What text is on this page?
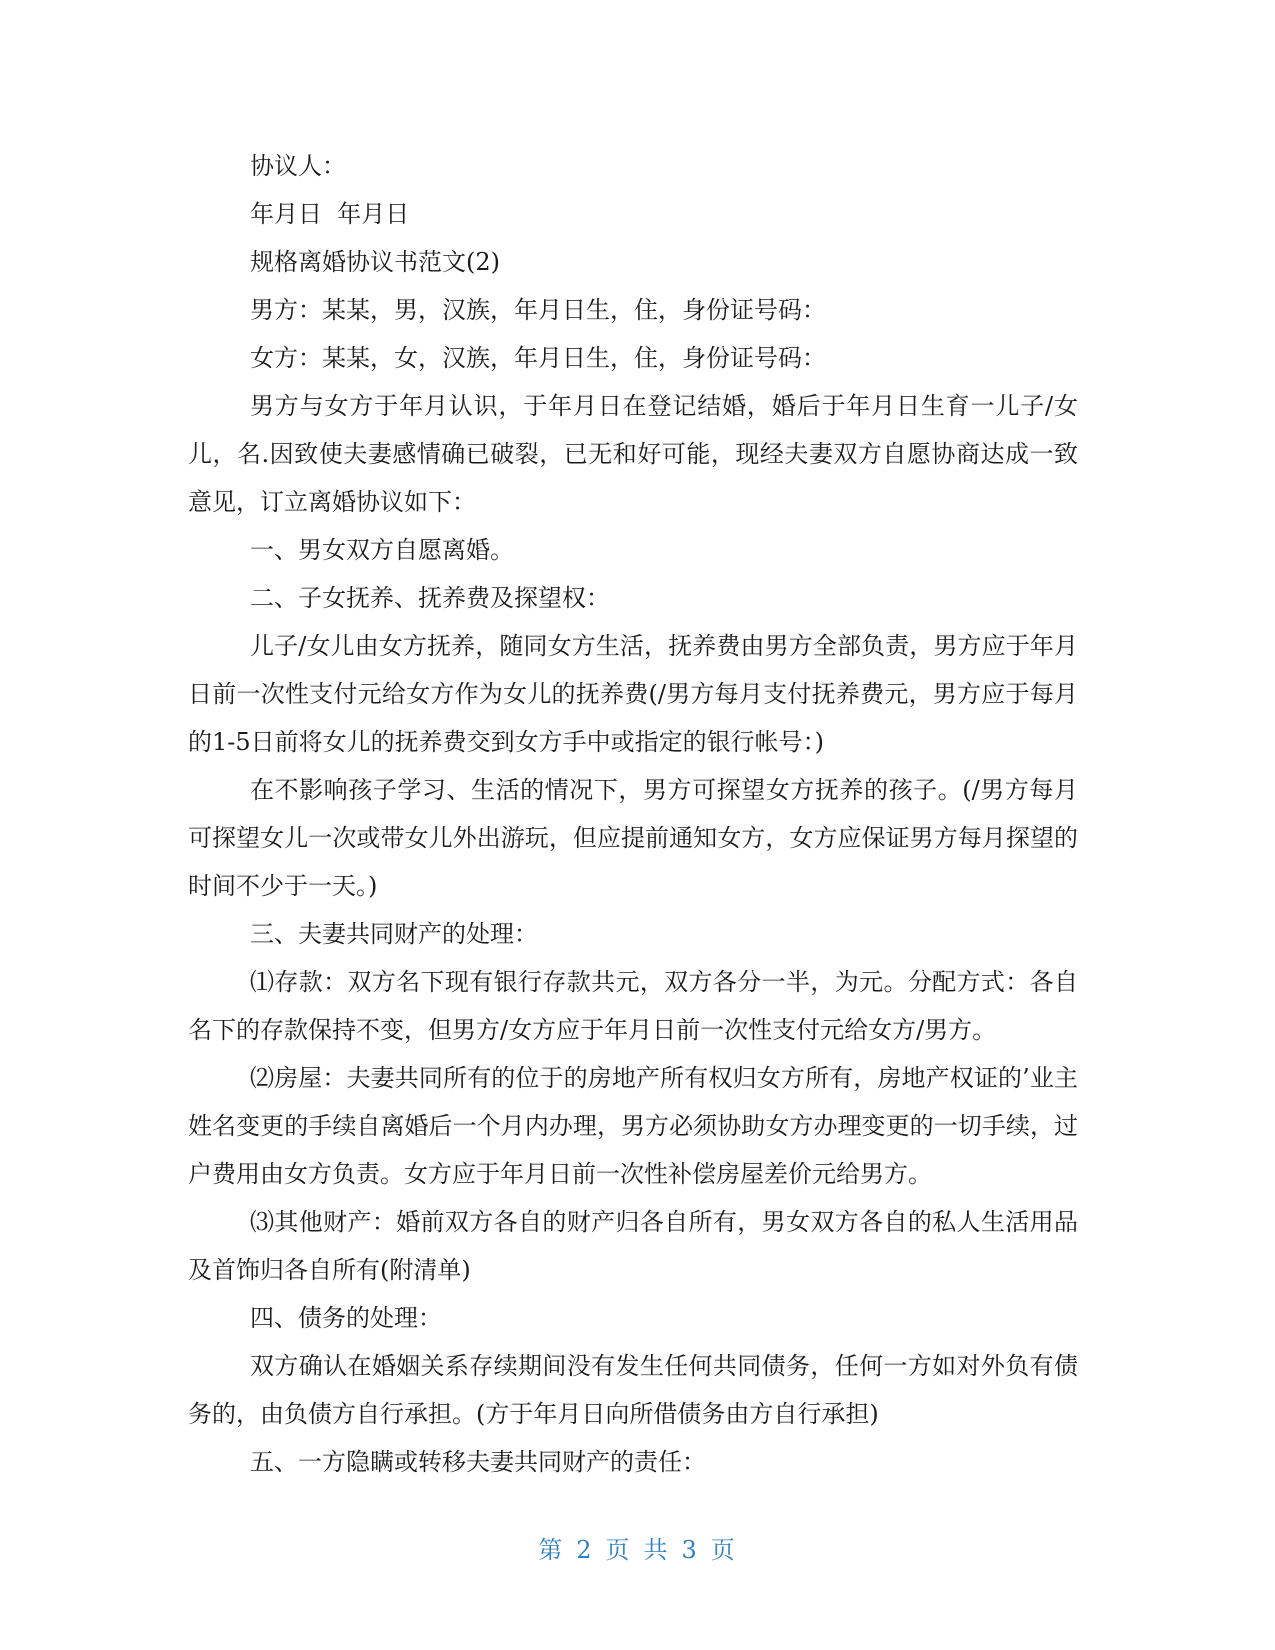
协议人：

年月日  年月日

规格离婚协议书范文(2)

男方：某某，男，汉族，年月日生，住，身份证号码：

女方：某某，女，汉族，年月日生，住，身份证号码：

男方与女方于年月认识，于年月日在登记结婚，婚后于年月日生育一儿子/女儿，名.因致使夫妻感情确已破裂，已无和好可能，现经夫妻双方自愿协商达成一致意见，订立离婚协议如下：

一、男女双方自愿离婚。

二、子女抚养、抚养费及探望权：

儿子/女儿由女方抚养，随同女方生活，抚养费由男方全部负责，男方应于年月日前一次性支付元给女方作为女儿的抚养费(/男方每月支付抚养费元，男方应于每月的1-5日前将女儿的抚养费交到女方手中或指定的银行帐号：)

在不影响孩子学习、生活的情况下，男方可探望女方抚养的孩子。(/男方每月可探望女儿一次或带女儿外出游玩，但应提前通知女方，女方应保证男方每月探望的时间不少于一天。)

三、夫妻共同财产的处理：

⑴存款：双方名下现有银行存款共元，双方各分一半，为元。分配方式：各自名下的存款保持不变，但男方/女方应于年月日前一次性支付元给女方/男方。

⑵房屋：夫妻共同所有的位于的房地产所有权归女方所有，房地产权证的’业主姓名变更的手续自离婚后一个月内办理，男方必须协助女方办理变更的一切手续，过户费用由女方负责。女方应于年月日前一次性补偿房屋差价元给男方。

⑶其他财产：婚前双方各自的财产归各自所有，男女双方各自的私人生活用品及首饰归各自所有(附清单)

四、债务的处理：

双方确认在婚姻关系存续期间没有发生任何共同债务，任何一方如对外负有债务的，由负债方自行承担。(方于年月日向所借债务由方自行承担)

五、一方隐瞒或转移夫妻共同财产的责任：

第 2 页 共 3 页
